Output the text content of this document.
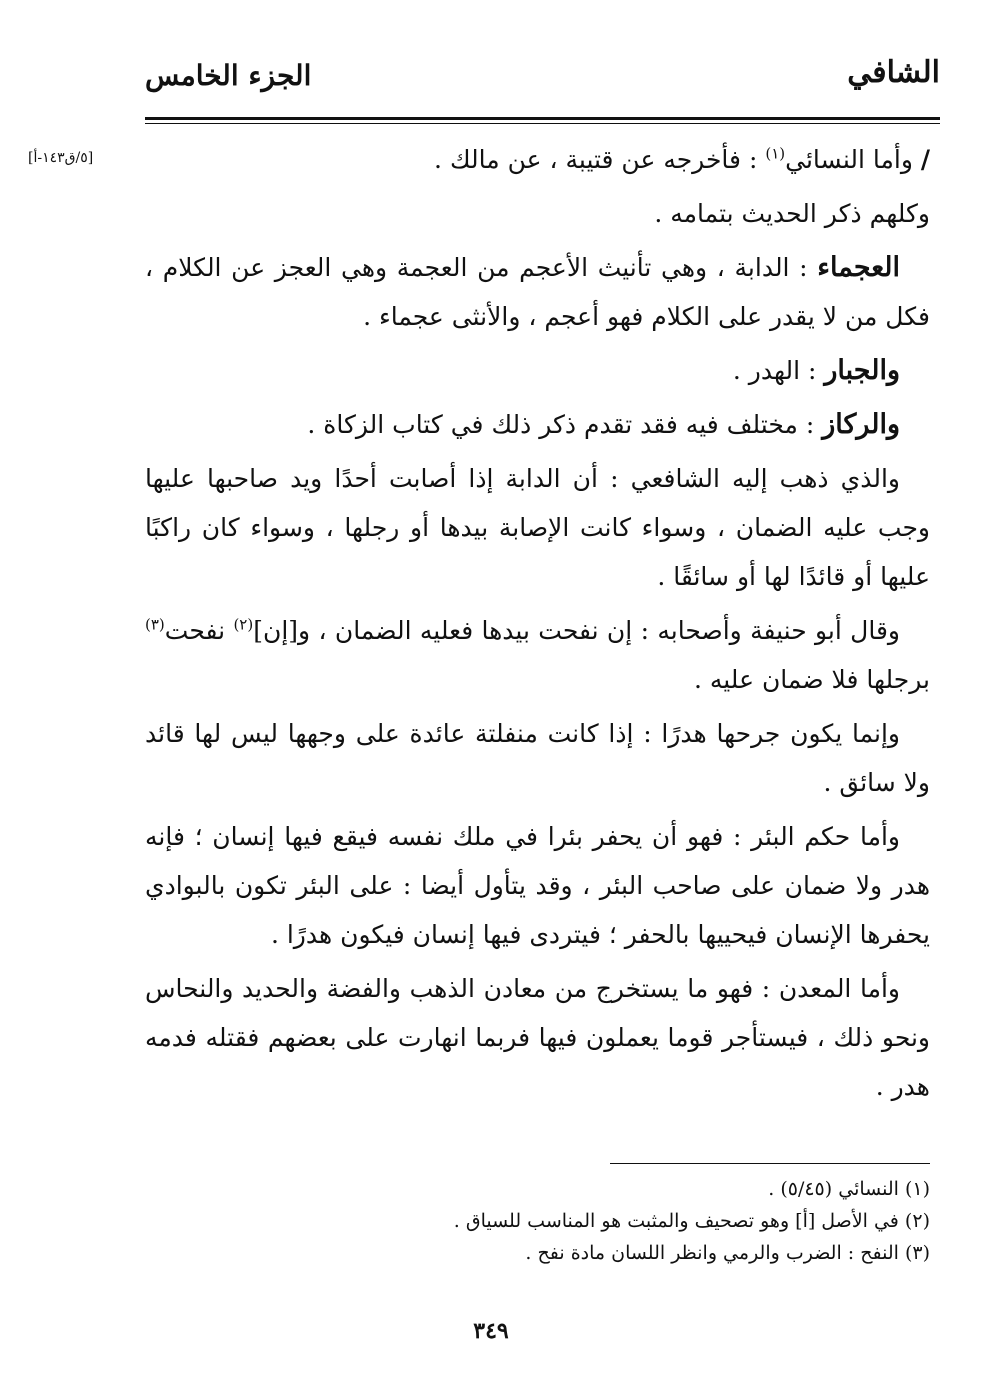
الشافي
الجزء الخامس
[٥/ق١٤٣-أ]	/ وأما النسائي$^{(١)}$ : فأخرجه عن قتيبة ، عن مالك .

وكلهم ذكر الحديث بتمامه .

العجماء : الدابة ، وهي تأنيث الأعجم من العجمة وهي العجز عن الكلام ، فكل من لا يقدر على الكلام فهو أعجم ، والأنثى عجماء .

والجبار : الهدر .

والركاز : مختلف فيه فقد تقدم ذكر ذلك في كتاب الزكاة .

والذي ذهب إليه الشافعي : أن الدابة إذا أصابت أحدًا ويد صاحبها عليها وجب عليه الضمان ، وسواء كانت الإصابة بيدها أو رجلها ، وسواء كان راكبًا عليها أو قائدًا لها أو سائقًا .

وقال أبو حنيفة وأصحابه : إن نفحت بيدها فعليه الضمان ، و[إن]$^{(٢)}$ نفحت$^{(٣)}$ برجلها فلا ضمان عليه .

وإنما يكون جرحها هدرًا : إذا كانت منفلتة عائدة على وجهها ليس لها قائد ولا سائق .

وأما حكم البئر : فهو أن يحفر بئرا في ملك نفسه فيقع فيها إنسان ؛ فإنه هدر ولا ضمان على صاحب البئر ، وقد يتأول أيضا : على البئر تكون بالبوادي يحفرها الإنسان فيحييها بالحفر ؛ فيتردى فيها إنسان فيكون هدرًا .

وأما المعدن : فهو ما يستخرج من معادن الذهب والفضة والحديد والنحاس ونحو ذلك ، فيستأجر قوما يعملون فيها فربما انهارت على بعضهم فقتله فدمه هدر .

(١) النسائي (٥/٤٥) .

(٢) في الأصل [أ] وهو تصحيف والمثبت هو المناسب للسياق .

(٣) النفح : الضرب والرمي وانظر اللسان مادة نفح .

٣٤٩
